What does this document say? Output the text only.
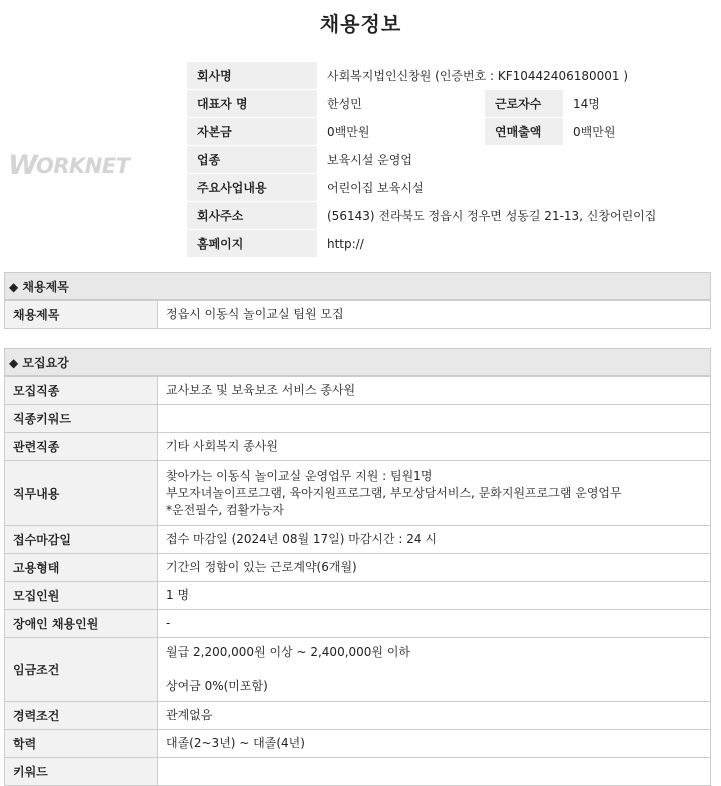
채용정보
W ORKNET
회사명	사회복지법인신창원 (인증번호 : KF10442406180001 )		
대표자 명	한성민	근로자수	14명
자본금	0백만원	연매출액	0백만원
업종	보육시설 운영업		
주요사업내용	어린이집 보육시설		
회사주소	(56143) 전라북도 정읍시 정우면 성동길 21-13, 신창어린이집		
홈페이지	http://		
◆ 채용제목
채용제목	정읍시 이동식 놀이교실 팀원 모집
◆ 모집요강
모집직종	교사보조 및 보육보조 서비스 종사원

직종키워드	

관련직종	기타 사회복지 종사원

직무내용	찾아가는 이동식 놀이교실 운영업무 지원 : 팀원1명
부모자녀놀이프로그램, 육아지원프로그램, 부모상담서비스, 문화지원프로그램 운영업무
*운전필수, 컴활가능자

접수마감일	접수 마감일 (2024년 08월 17일) 마감시간 : 24 시

고용형태	기간의 정함이 있는 근로계약(6개월)

모집인원	1 명

장애인 채용인원	-

임금조건	월급 2,200,000원 이상 ~ 2,400,000원 이하

상여금 0%(미포함)

경력조건	관계없음

학력	대졸(2~3년) ~ 대졸(4년)

키워드	
